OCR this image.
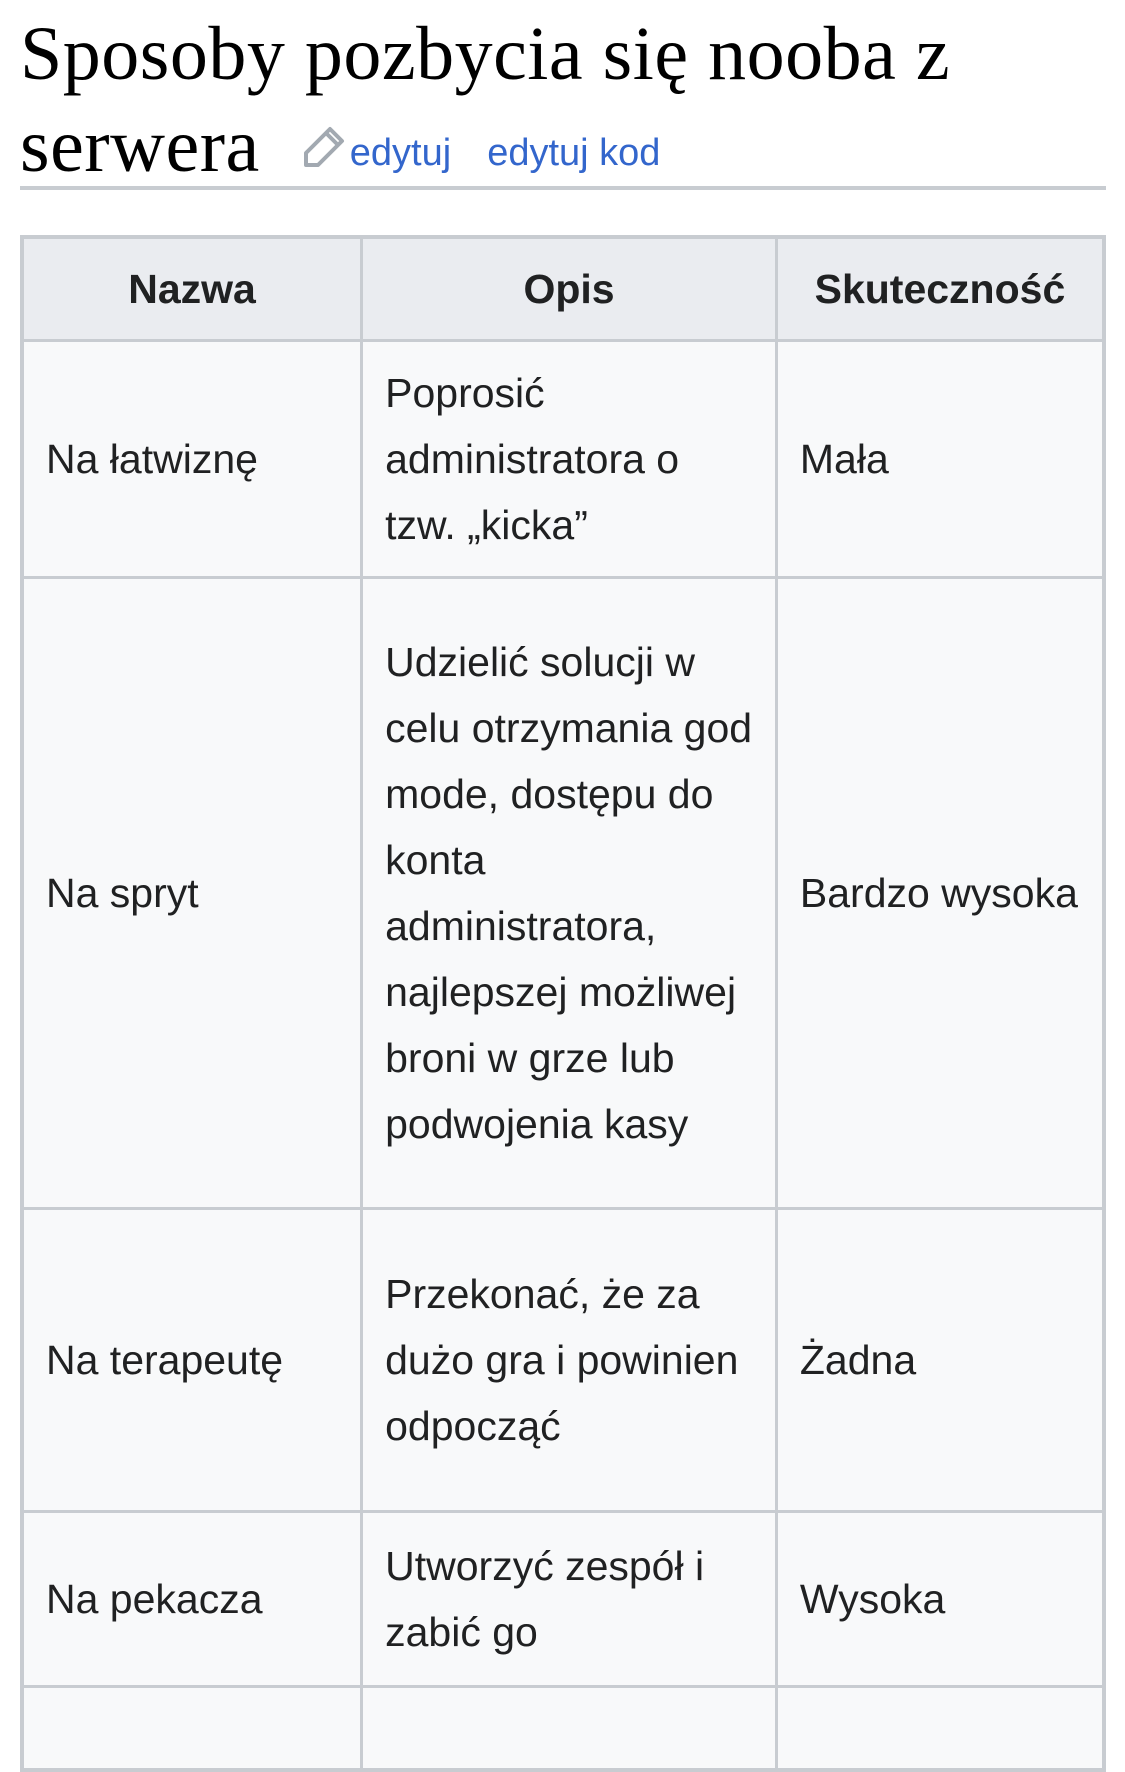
Sposoby pozbycia się nooba z serwera edytuj edytuj kod
Nazwa	Opis	Skuteczność
Na łatwiznę	Poprosić administratora o tzw. „kicka”	Mała
Na spryt	Udzielić solucji w celu otrzymania god mode, dostępu do konta administratora, najlepszej możliwej broni w grze lub podwojenia kasy	Bardzo wysoka
Na terapeutę	Przekonać, że za dużo gra i powinien odpocząć	Żadna
Na pekacza	Utworzyć zespół i zabić go	Wysoka
